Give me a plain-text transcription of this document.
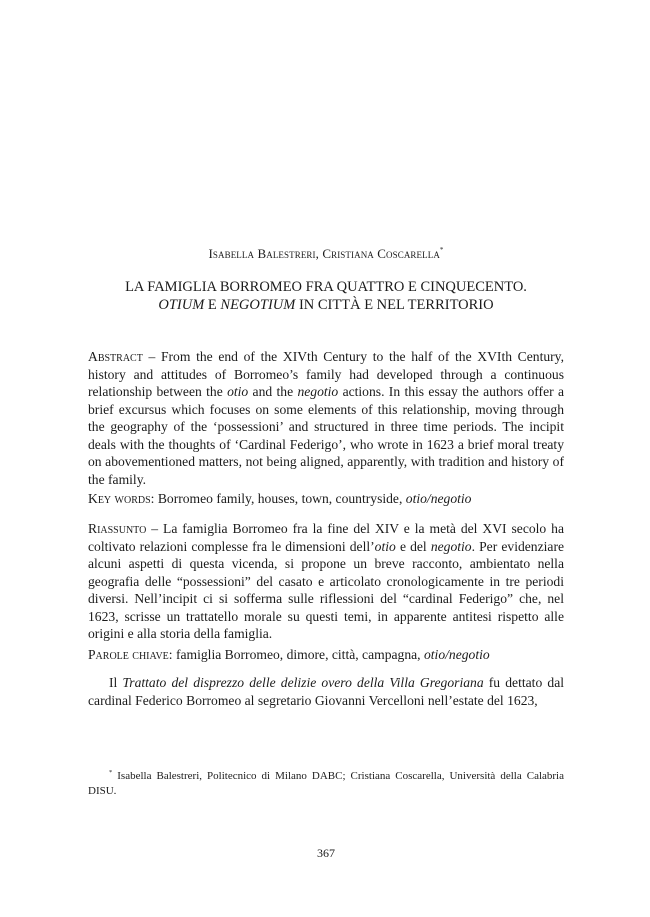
Isabella Balestreri, Cristiana Coscarella*
LA FAMIGLIA BORROMEO FRA QUATTRO E CINQUECENTO.
OTIUM E NEGOTIUM IN CITTÀ E NEL TERRITORIO

Abstract – From the end of the XIVth Century to the half of the XVIth Century, history and attitudes of Borromeo’s family had developed through a continuous relationship between the otio and the negotio actions. In this essay the authors offer a brief excursus which focuses on some elements of this relationship, moving through the geography of the ‘possessioni’ and structured in three time periods. The incipit deals with the thoughts of ‘Cardinal Federigo’, who wrote in 1623 a brief moral treaty on abovementioned matters, not being aligned, apparently, with tradition and history of the family.

Key words: Borromeo family, houses, town, countryside, otio/negotio

Riassunto – La famiglia Borromeo fra la fine del XIV e la metà del XVI secolo ha coltivato relazioni complesse fra le dimensioni dell’otio e del negotio. Per evidenziare alcuni aspetti di questa vicenda, si propone un breve racconto, ambientato nella geografia delle “possessioni” del casato e articolato cronologicamente in tre periodi diversi. Nell’incipit ci si sofferma sulle riflessioni del “cardinal Federigo” che, nel 1623, scrisse un trattatello morale su questi temi, in apparente antitesi rispetto alle origini e alla storia della famiglia.

Parole chiave: famiglia Borromeo, dimore, città, campagna, otio/negotio

Il Trattato del disprezzo delle delizie overo della Villa Gregoriana fu dettato dal cardinal Federico Borromeo al segretario Giovanni Vercelloni nell’estate del 1623,

* Isabella Balestreri, Politecnico di Milano DABC; Cristiana Coscarella, Università della Calabria DISU.

367
